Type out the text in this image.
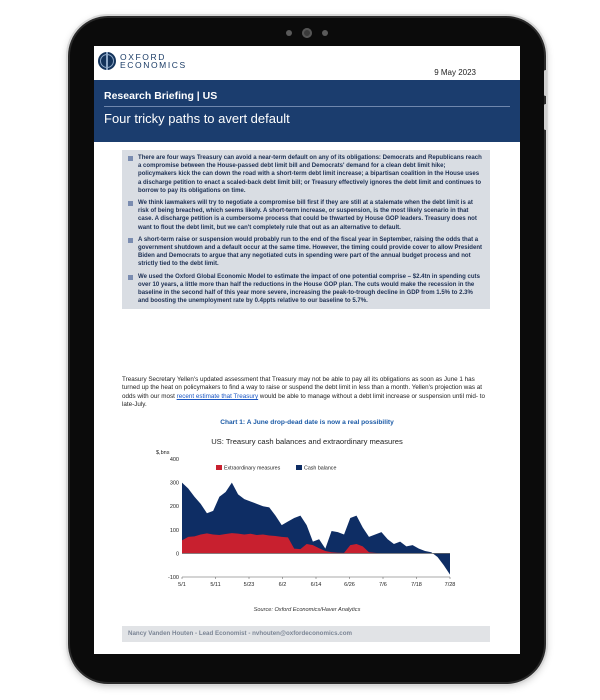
OXFORD
ECONOMICS
9 May 2023
Research Briefing | US
Four tricky paths to avert default
There are four ways Treasury can avoid a near-term default on any of its obligations: Democrats and Republicans reach a compromise between the House-passed debt limit bill and Democrats' demand for a clean debt limit hike; policymakers kick the can down the road with a short-term debt limit increase; a bipartisan coalition in the House uses a discharge petition to enact a scaled-back debt limit bill; or Treasury effectively ignores the debt limit and continues to borrow to pay its obligations on time.
We think lawmakers will try to negotiate a compromise bill first if they are still at a stalemate when the debt limit is at risk of being breached, which seems likely. A short-term increase, or suspension, is the most likely scenario in that case. A discharge petition is a cumbersome process that could be thwarted by House GOP leaders. Treasury does not want to flout the debt limit, but we can't completely rule that out as an alternative to default.
A short-term raise or suspension would probably run to the end of the fiscal year in September, raising the odds that a government shutdown and a default occur at the same time. However, the timing could provide cover to allow President Biden and Democrats to argue that any negotiated cuts in spending were part of the annual budget process and not strictly tied to the debt limit.
We used the Oxford Global Economic Model to estimate the impact of one potential comprise – $2.4tn in spending cuts over 10 years, a little more than half the reductions in the House GOP plan. The cuts would make the recession in the baseline in the second half of this year more severe, increasing the peak-to-trough decline in GDP from 1.5% to 2.3% and boosting the unemployment rate by 0.4ppts relative to our baseline to 5.7%.
Treasury Secretary Yellen's updated assessment that Treasury may not be able to pay all its obligations as soon as June 1 has turned up the heat on policymakers to find a way to raise or suspend the debt limit in less than a month. Yellen's projection was at odds with our most recent estimate that Treasury would be able to manage without a debt limit increase or suspension until mid- to late-July.
Chart 1: A June drop-dead date is now a real possibility
US: Treasury cash balances and extraordinary measures
$,bns
-100
0
100
200
300
400
5/1	5/11	5/23	6/2	6/14	6/26	7/6	7/18	7/28
Extraordinary measures	Cash balance
Source: Oxford Economics/Haver Analytics
Nancy Vanden Houten - Lead Economist - nvhouten@oxfordeconomics.com
